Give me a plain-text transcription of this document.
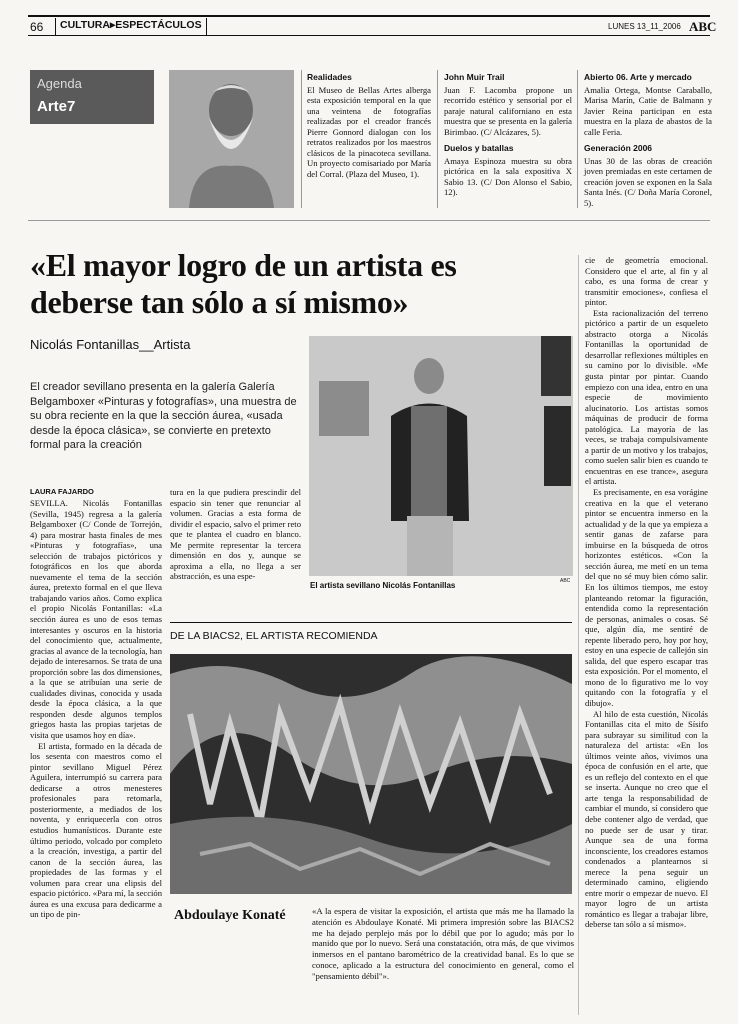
66	CULTURA▸ESPECTÁCULOS	LUNES 13_11_2006 ABC
Agenda
Arte7
Realidades
El Museo de Bellas Artes alberga esta exposición temporal en la que una veintena de fotografías realizadas por el creador francés Pierre Gonnord dialogan con los retratos realizados por los maestros clásicos de la pinacoteca sevillana. Un proyecto comisariado por María del Corral. (Plaza del Museo, 1).
John Muir Trail
Juan F. Lacomba propone un recorrido estético y sensorial por el paraje natural californiano en esta muestra que se presenta en la galería Birimbao. (C/ Alcázares, 5).
Duelos y batallas
Amaya Espinoza muestra su obra pictórica en la sala expositiva X Sabio 13. (C/ Don Alonso el Sabio, 12).
Abierto 06. Arte y mercado
Amalia Ortega, Montse Caraballo, Marisa Marín, Catie de Balmann y Javier Reina participan en esta muestra en la plaza de abastos de la calle Feria.
Generación 2006
Unas 30 de las obras de creación joven premiadas en este certamen de creación joven se exponen en la Sala Santa Inés. (C/ Doña María Coronel, 5).
«El mayor logro de un artista es
deberse tan sólo a sí mismo»
Nicolás Fontanillas__Artista
El creador sevillano presenta en la galería Galería Belgamboxer «Pinturas y fotografías», una muestra de su obra reciente en la que la sección áurea, «usada desde la época clásica», se convierte en pretexto formal para la creación
El artista sevillano Nicolás Fontanillas	ABC
LAURA FAJARDO
SEVILLA. Nicolás Fontanillas (Sevilla, 1945) regresa a la galería Belgamboxer (C/ Conde de Torrejón, 4) para mostrar hasta finales de mes «Pinturas y fotografías», una selección de trabajos pictóricos y fotográficos en los que aborda nuevamente el tema de la sección áurea, pretexto formal en el que lleva trabajando varios años. Como explica el propio Nicolás Fontanillas: «La sección áurea es uno de esos temas interesantes y oscuros en la historia del conocimiento que, actualmente, gracias al avance de la tecnología, han dejado de interesarnos. Se trata de una proporción sobre las dos dimensiones, a la que se atribuían una serie de cualidades divinas, conocida y usada desde la época clásica, a la que responden desde algunos templos griegos hasta las propias tarjetas de visita que usamos hoy en día».
El artista, formado en la década de los sesenta con maestros como el pintor sevillano Miguel Pérez Aguilera, interrumpió su carrera para dedicarse a otros menesteres profesionales para retomarla, posteriormente, a mediados de los noventa, y enriquecerla con otros estudios humanísticos. Durante este último periodo, volcado por completo a la creación, investiga, a partir del canon de la sección áurea, las propiedades de las formas y el volumen para crear una elipsis del espacio pictórico. «Para mí, la sección áurea es una excusa para dedicarme a un tipo de pin-
tura en la que pudiera prescindir del espacio sin tener que renunciar al volumen. Gracias a esta forma de dividir el espacio, salvo el primer reto que te plantea el cuadro en blanco. Me permite representar la tercera dimensión en dos y, aunque se aproxima a ella, no llega a ser abstracción, es una espe-
cie de geometría emocional. Considero que el arte, al fin y al cabo, es una forma de crear y transmitir emociones», confiesa el pintor.
Esta racionalización del terreno pictórico a partir de un esqueleto abstracto otorga a Nicolás Fontanillas la oportunidad de desarrollar reflexiones múltiples en su camino por lo divisible. «Me gusta pintar por pintar. Cuando empiezo con una idea, entro en una especie de movimiento alucinatorio. Los artistas somos máquinas de producir de forma patológica. La mayoría de las veces, se trabaja compulsivamente a partir de un motivo y los trabajos, como suelen salir bien es cuando te encuentras en ese trance», asegura el artista.
Es precisamente, en esa vorágine creativa en la que el veterano pintor se encuentra inmerso en la actualidad y de la que ya empieza a sentir ganas de zafarse para imbuirse en la búsqueda de otros horizontes estéticos. «Con la sección áurea, me metí en un tema del que no sé muy bien cómo salir. En los últimos tiempos, me estoy planteando retomar la figuración, entendida como la representación de personas, animales o cosas. Sé que, algún día, me sentiré de repente liberado pero, hoy por hoy, estoy en una especie de callejón sin salida, del que espero escapar tras esta exposición. Por el momento, el mono de lo figurativo me lo voy quitando con la fotografía y el dibujo».
Al hilo de esta cuestión, Nicolás Fontanillas cita el mito de Sísifo para subrayar su similitud con la naturaleza del artista: «En los últimos veinte años, vivimos una época de confusión en el arte, que es un reflejo del contexto en el que se inserta. Aunque no creo que el arte tenga la responsabilidad de cambiar el mundo, sí considero que debe contener algo de verdad, que no puede ser de usar y tirar. Aunque sea de una forma inconsciente, los creadores estamos condenados a plantearnos si merece la pena seguir un determinado camino, eligiendo entre morir o empezar de nuevo. El mayor logro de un artista romántico es llegar a trabajar libre, deberse tan sólo a sí mismo».
DE LA BIACS2, EL ARTISTA RECOMIENDA
Abdoulaye Konaté	«A la espera de visitar la exposición, el artista que más me ha llamado la atención es Abdoulaye Konaté. Mi primera impresión sobre las BIACS2 me ha dejado perplejo más por lo débil que por lo agudo; más por lo manido que por lo nuevo. Será una constatación, otra más, de que vivimos inmersos en el pantano barométrico de la creatividad banal. Es lo que se conoce, aplicado a la estructura del conocimiento en general, como el "pensamiento débil"».
